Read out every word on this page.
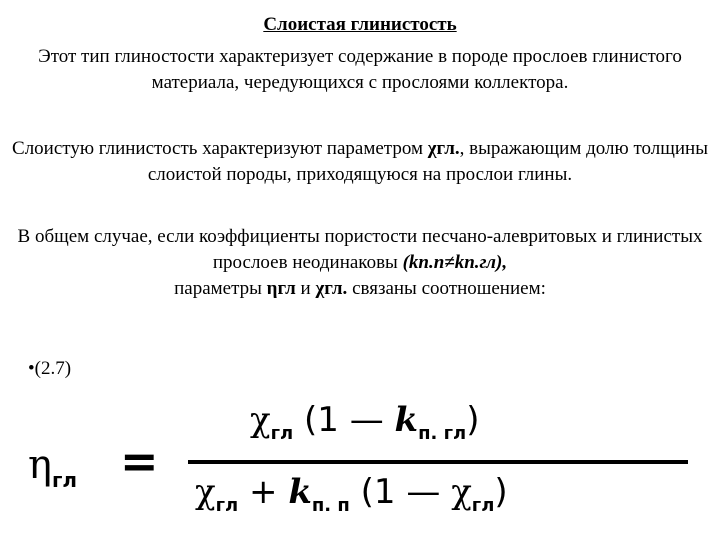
Слоистая глинистость
Этот тип глиностости характеризует содержание в породе прослоев глинистого материала, чередующихся с прослоями коллектора.
Слоистую глинистость характеризуют параметром χгл., выражающим долю толщины слоистой породы, приходящуюся на прослои глины.
В общем случае, если коэффициенты пористости песчано-алевритовых и глинистых прослоев неодинаковы (kп.п≠kп.гл),
параметры ηгл и χгл. связаны соотношением:
•(2.7)
$\eta_{гл}$ =
$\chi_{гл}$ (1 — $k_{п. гл}$)
$\chi_{гл} + k_{п. п}$ (1 — $\chi_{гл}$)
